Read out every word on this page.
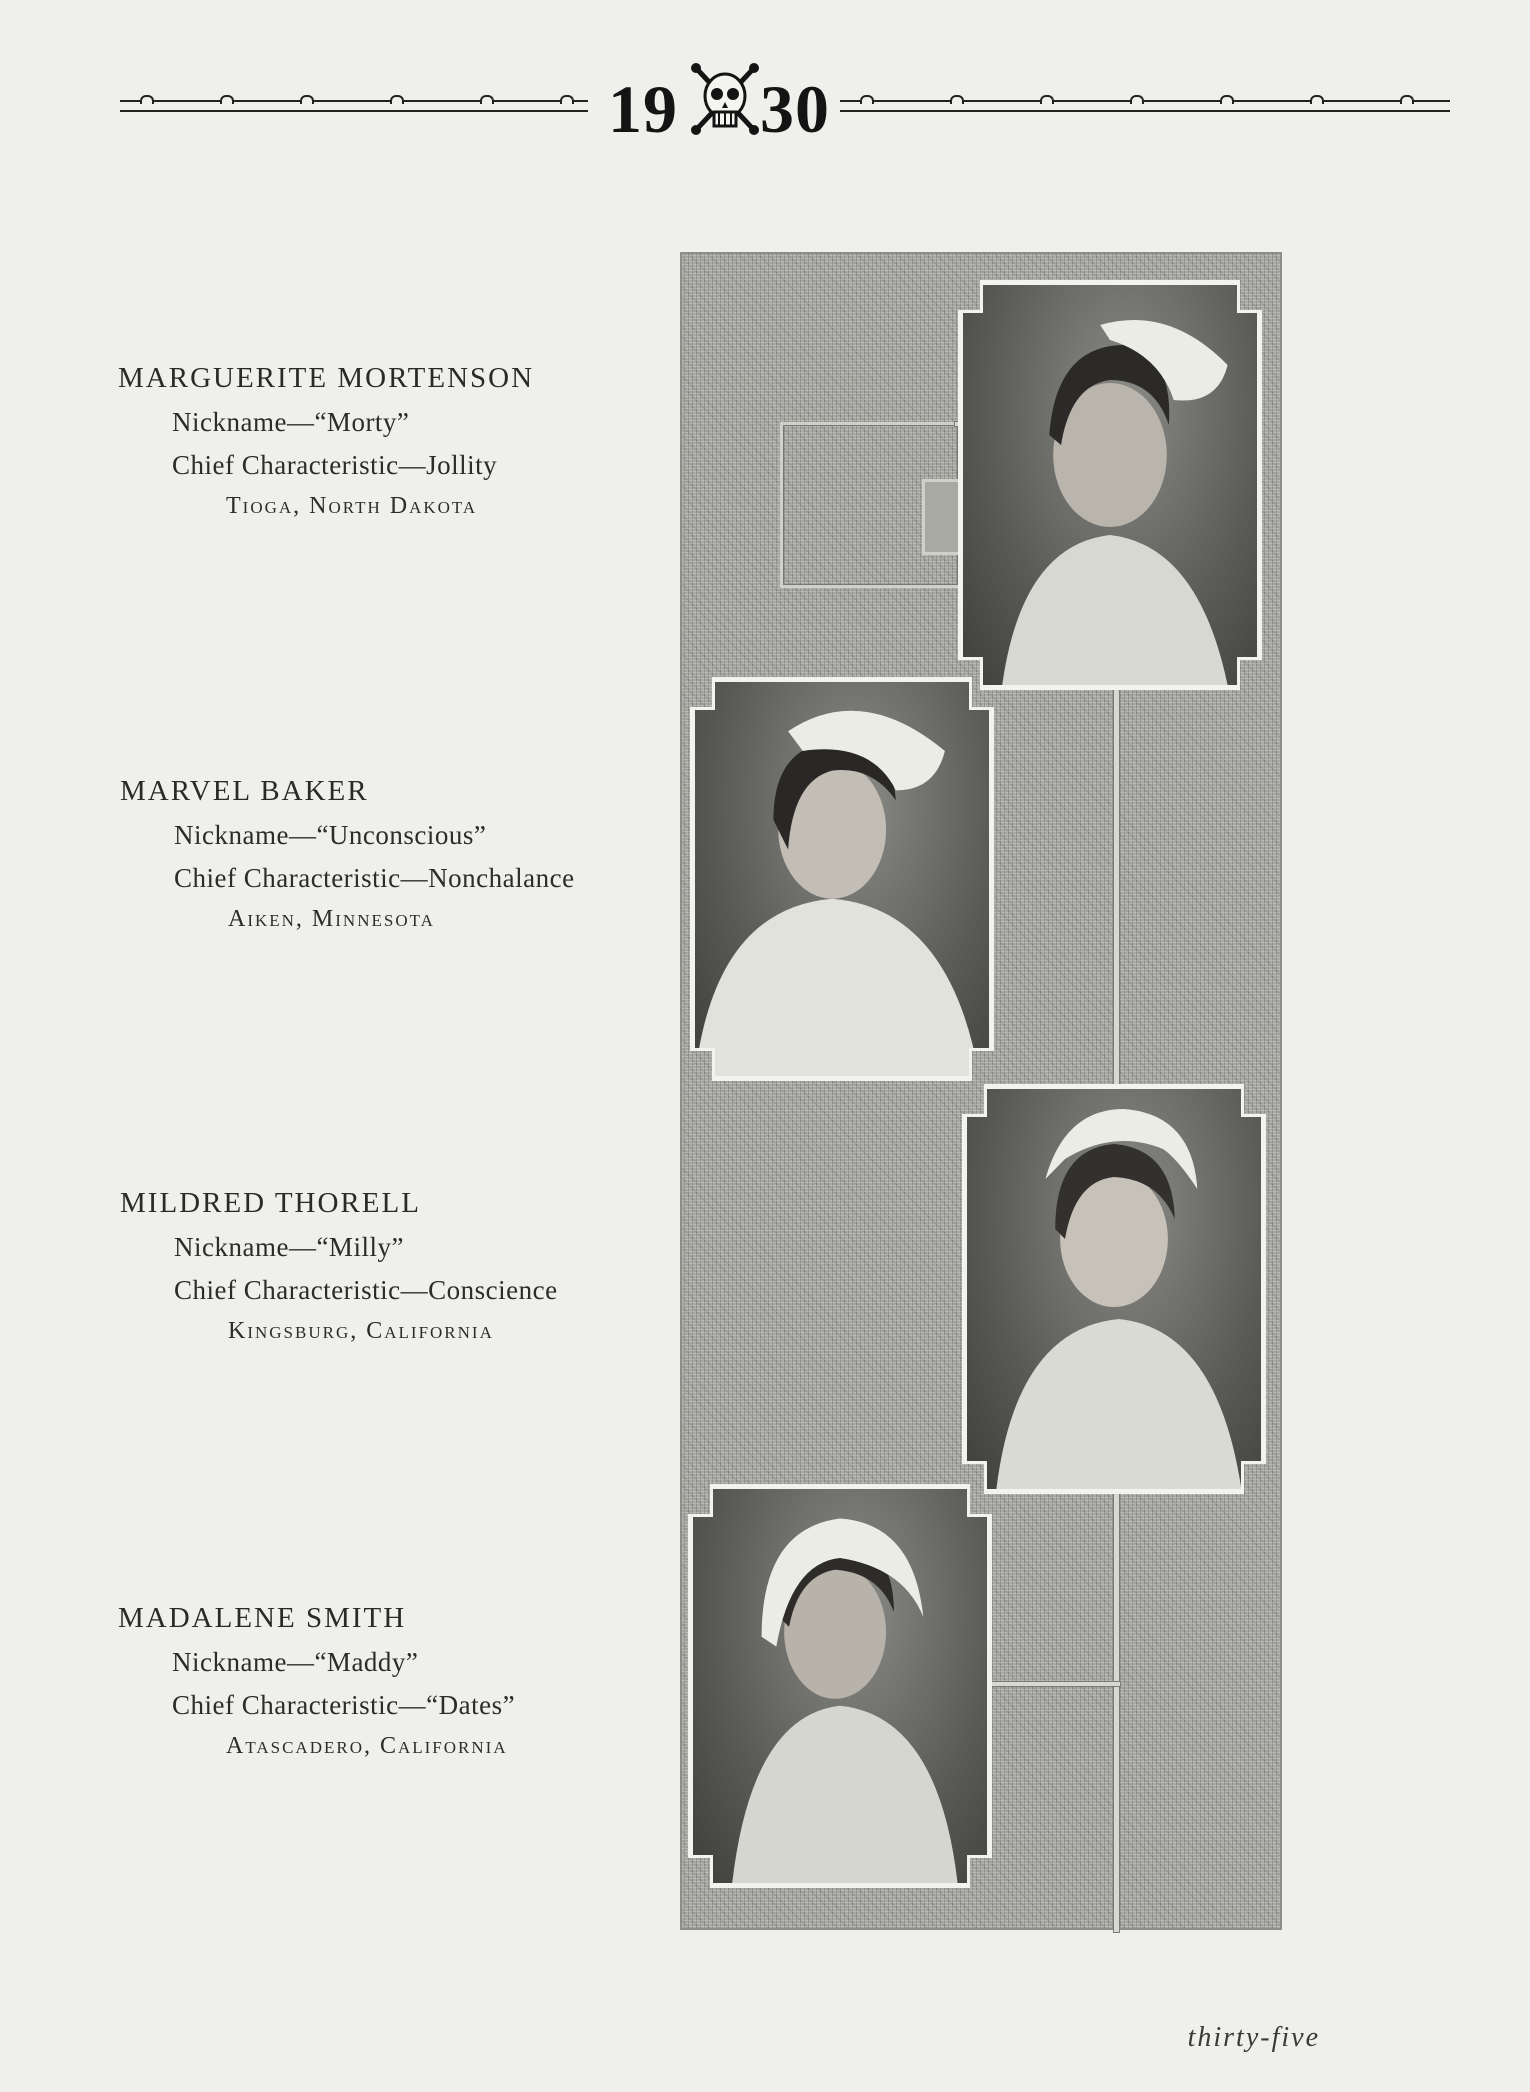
19 30
MARGUERITE MORTENSON
Nickname—“Morty”
Chief Characteristic—Jollity
Tioga, North Dakota
MARVEL BAKER
Nickname—“Unconscious”
Chief Characteristic—Nonchalance
Aiken, Minnesota
MILDRED THORELL
Nickname—“Milly”
Chief Characteristic—Conscience
Kingsburg, California
MADALENE SMITH
Nickname—“Maddy”
Chief Characteristic—“Dates”
Atascadero, California
thirty-five
